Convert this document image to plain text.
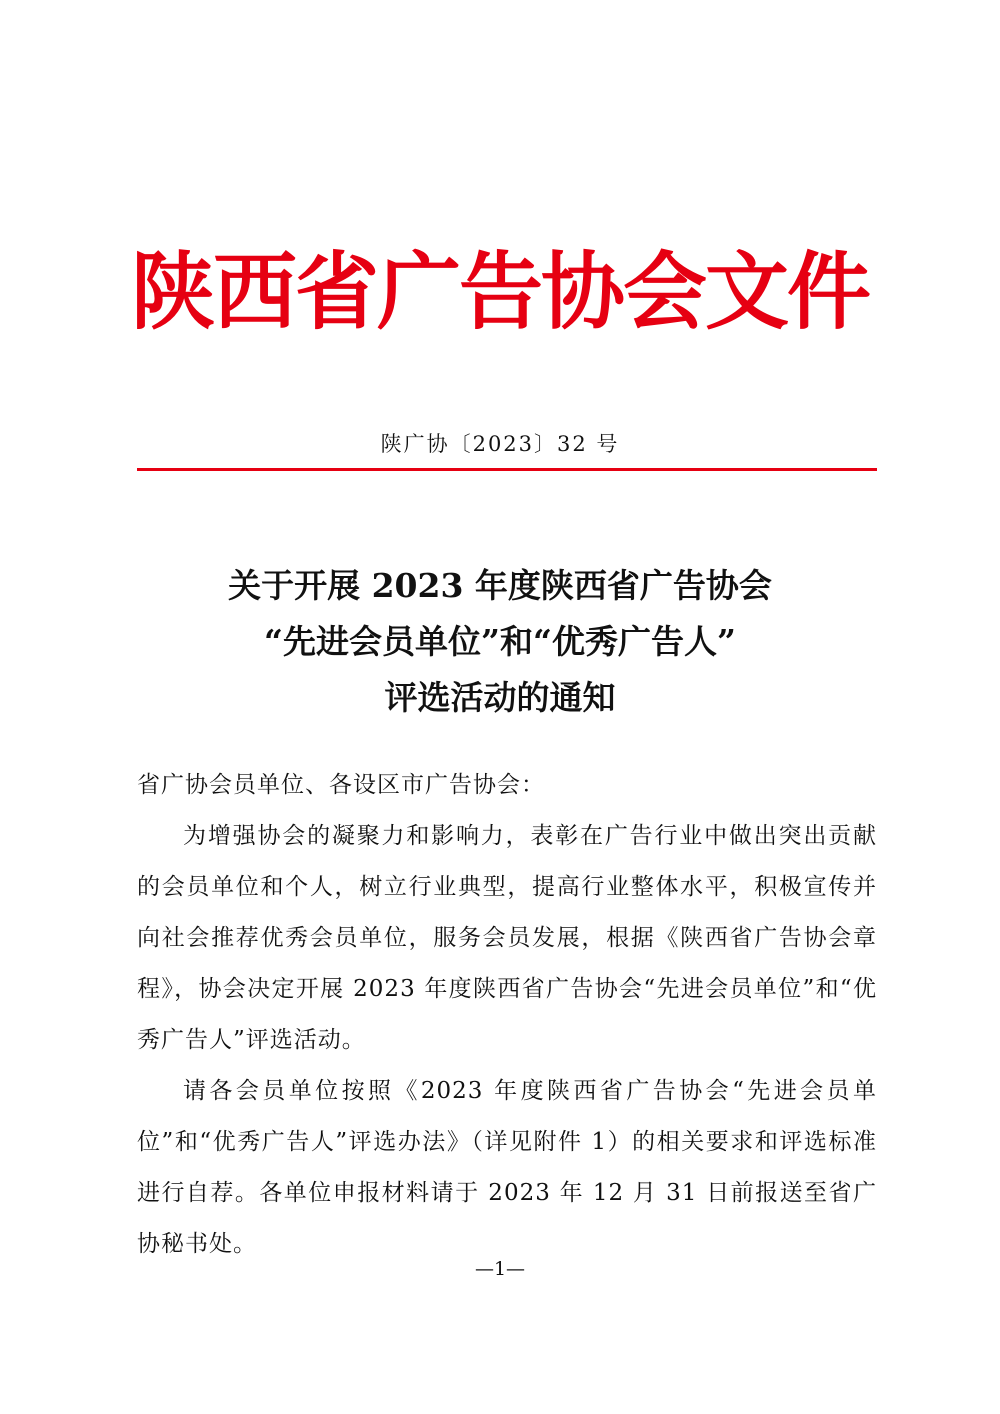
陕西省广告协会文件
陕广协〔2023〕32 号
关于开展 2023 年度陕西省广告协会
“先进会员单位”和“优秀广告人”
评选活动的通知

省广协会员单位、各设区市广告协会：

为增强协会的凝聚力和影响力，表彰在广告行业中做出突出贡献的会员单位和个人，树立行业典型，提高行业整体水平，积极宣传并向社会推荐优秀会员单位，服务会员发展，根据《陕西省广告协会章程》，协会决定开展 2023 年度陕西省广告协会“先进会员单位”和“优秀广告人”评选活动。

请各会员单位按照《2023 年度陕西省广告协会“先进会员单位”和“优秀广告人”评选办法》（详见附件 1）的相关要求和评选标准进行自荐。各单位申报材料请于 2023 年 12 月 31 日前报送至省广协秘书处。

—1—
